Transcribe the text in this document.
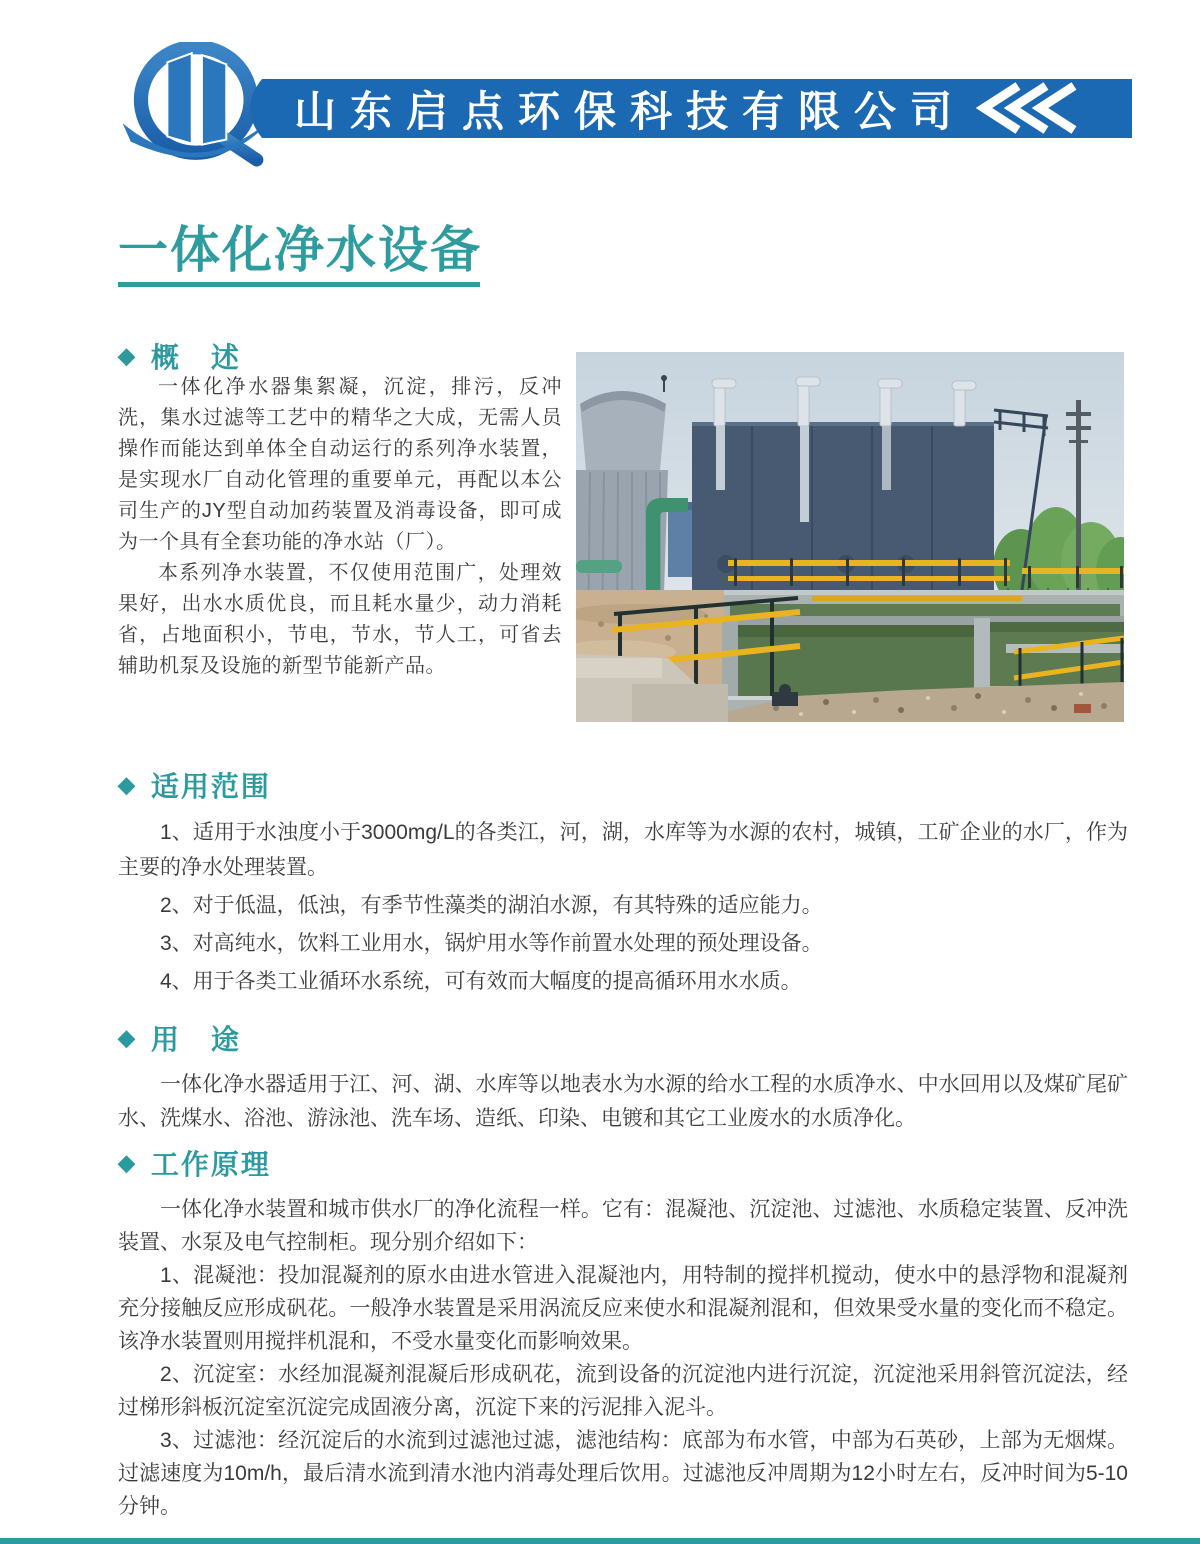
山东启点环保科技有限公司
一体化净水设备
◆ 概　述

一体化净水器集絮凝，沉淀，排污，反冲洗，集水过滤等工艺中的精华之大成，无需人员操作而能达到单体全自动运行的系列净水装置，是实现水厂自动化管理的重要单元，再配以本公司生产的JY型自动加药装置及消毒设备，即可成为一个具有全套功能的净水站（厂）。

本系列净水装置，不仅使用范围广，处理效果好，出水水质优良，而且耗水量少，动力消耗省，占地面积小，节电，节水，节人工，可省去辅助机泵及设施的新型节能新产品。

◆ 适用范围

1、适用于水浊度小于3000mg/L的各类江，河，湖，水库等为水源的农村，城镇，工矿企业的水厂，作为主要的净水处理装置。

2、对于低温，低浊，有季节性藻类的湖泊水源，有其特殊的适应能力。

3、对高纯水，饮料工业用水，锅炉用水等作前置水处理的预处理设备。

4、用于各类工业循环水系统，可有效而大幅度的提高循环用水水质。

◆ 用　途

一体化净水器适用于江、河、湖、水库等以地表水为水源的给水工程的水质净水、中水回用以及煤矿尾矿水、洗煤水、浴池、游泳池、洗车场、造纸、印染、电镀和其它工业废水的水质净化。

◆ 工作原理

一体化净水装置和城市供水厂的净化流程一样。它有：混凝池、沉淀池、过滤池、水质稳定装置、反冲洗装置、水泵及电气控制柜。现分别介绍如下：

1、混凝池：投加混凝剂的原水由进水管进入混凝池内，用特制的搅拌机搅动，使水中的悬浮物和混凝剂充分接触反应形成矾花。一般净水装置是采用涡流反应来使水和混凝剂混和，但效果受水量的变化而不稳定。该净水装置则用搅拌机混和，不受水量变化而影响效果。

2、沉淀室：水经加混凝剂混凝后形成矾花，流到设备的沉淀池内进行沉淀，沉淀池采用斜管沉淀法，经过梯形斜板沉淀室沉淀完成固液分离，沉淀下来的污泥排入泥斗。

3、过滤池：经沉淀后的水流到过滤池过滤，滤池结构：底部为布水管，中部为石英砂，上部为无烟煤。过滤速度为10m/h，最后清水流到清水池内消毒处理后饮用。过滤池反冲周期为12小时左右，反冲时间为5-10分钟。
